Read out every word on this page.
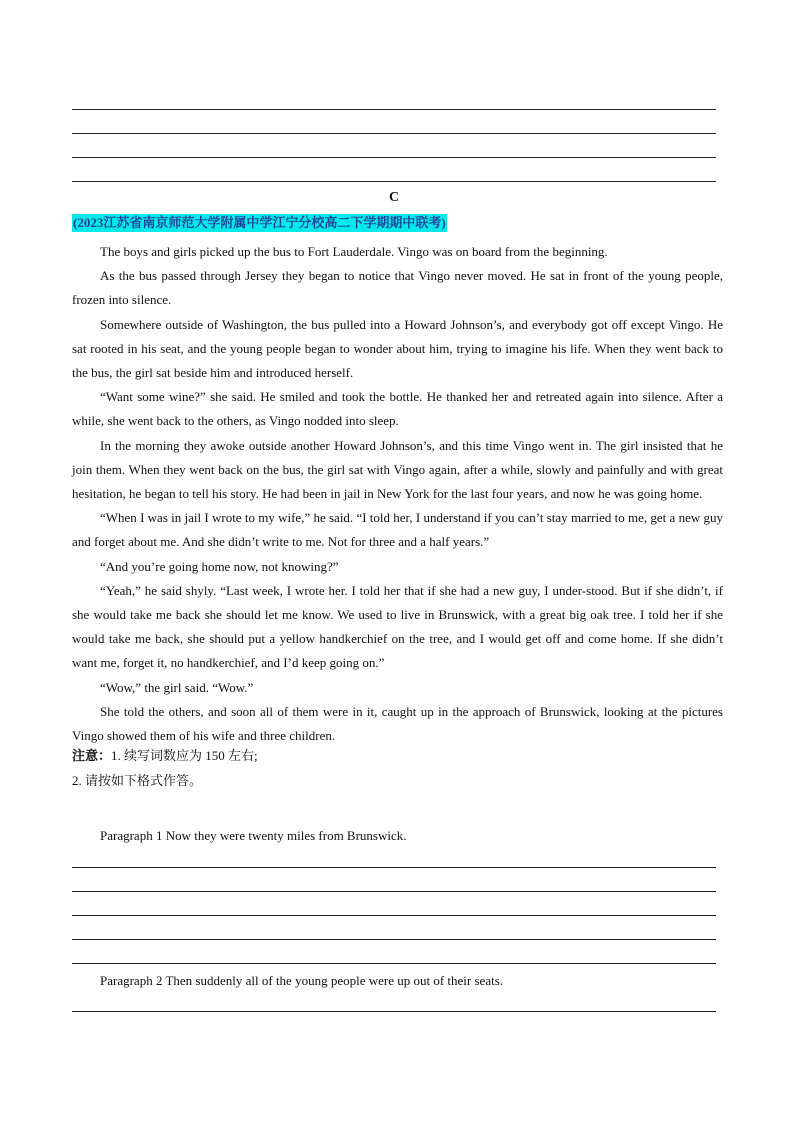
C
(2023江苏省南京师范大学附属中学江宁分校高二下学期期中联考)

The boys and girls picked up the bus to Fort Lauderdale. Vingo was on board from the beginning.

As the bus passed through Jersey they began to notice that Vingo never moved. He sat in front of the young people, frozen into silence.

Somewhere outside of Washington, the bus pulled into a Howard Johnson’s, and everybody got off except Vingo. He sat rooted in his seat, and the young people began to wonder about him, trying to imagine his life. When they went back to the bus, the girl sat beside him and introduced herself.

“Want some wine?” she said. He smiled and took the bottle. He thanked her and retreated again into silence. After a while, she went back to the others, as Vingo nodded into sleep.

In the morning they awoke outside another Howard Johnson’s, and this time Vingo went in. The girl insisted that he join them. When they went back on the bus, the girl sat with Vingo again, after a while, slowly and painfully and with great hesitation, he began to tell his story. He had been in jail in New York for the last four years, and now he was going home.

“When I was in jail I wrote to my wife,” he said. “I told her, I understand if you can’t stay married to me, get a new guy and forget about me. And she didn’t write to me. Not for three and a half years.”

“And you’re going home now, not knowing?”

“Yeah,” he said shyly. “Last week, I wrote her. I told her that if she had a new guy, I under-stood. But if she didn’t, if she would take me back she should let me know. We used to live in Brunswick, with a great big oak tree. I told her if she would take me back, she should put a yellow handkerchief on the tree, and I would get off and come home. If she didn’t want me, forget it, no handkerchief, and I’d keep going on.”

“Wow,” the girl said. “Wow.”

She told the others, and soon all of them were in it, caught up in the approach of Brunswick, looking at the pictures Vingo showed them of his wife and three children.

注意：1. 续写词数应为 150 左右;

2. 请按如下格式作答。

Paragraph 1 Now they were twenty miles from Brunswick.
Paragraph 2 Then suddenly all of the young people were up out of their seats.
